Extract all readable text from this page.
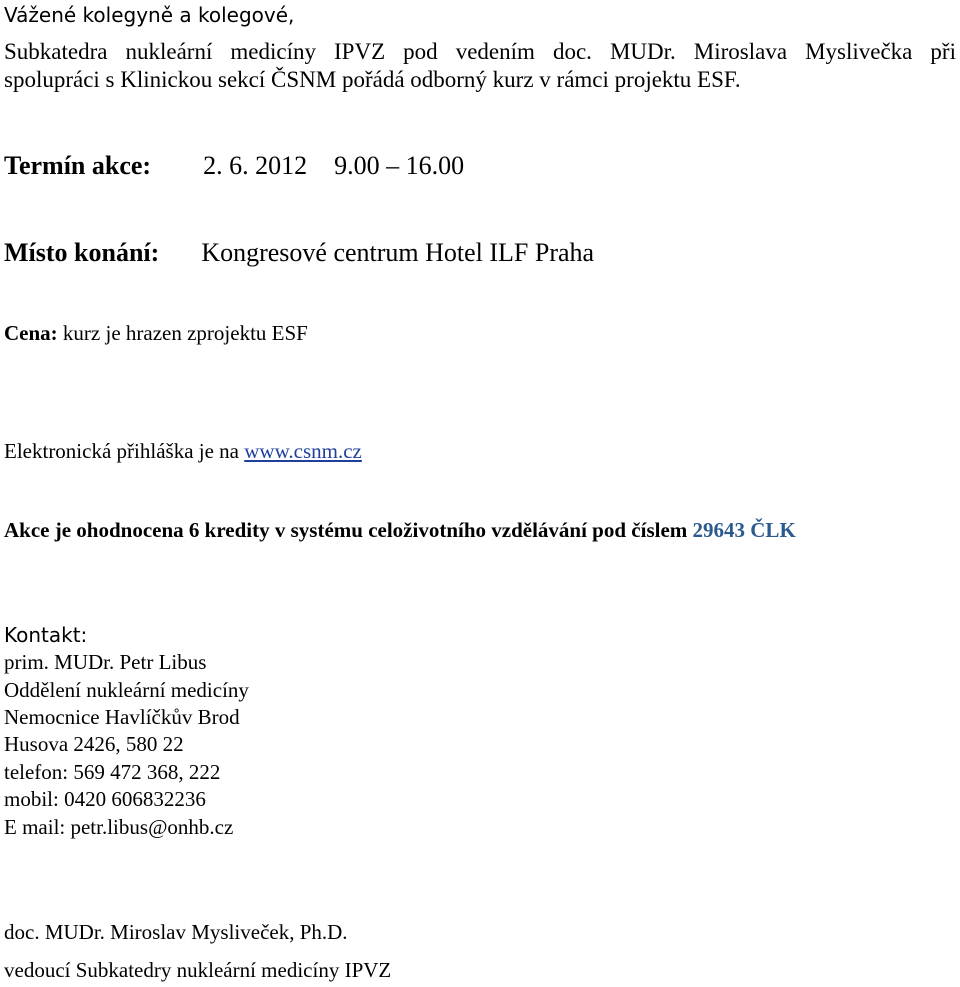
Vážené kolegyně a kolegové,
Subkatedra nukleární medicíny IPVZ pod vedením doc. MUDr. Miroslava Myslivečka při
spolupráci s Klinickou sekcí ČSNM pořádá odborný kurz v rámci projektu ESF.
Termín akce: 2. 6. 2012 9.00 – 16.00
Místo konání: Kongresové centrum Hotel ILF Praha
Cena: kurz je hrazen zprojektu ESF
Elektronická přihláška je na www.csnm.cz
Akce je ohodnocena 6 kredity v systému celoživotního vzdělávání pod číslem 29643 ČLK
Kontakt:
prim. MUDr. Petr Libus
Oddělení nukleární medicíny
Nemocnice Havlíčkův Brod
Husova 2426, 580 22
telefon: 569 472 368, 222
mobil: 0420 606832236
E mail: petr.libus@onhb.cz
doc. MUDr. Miroslav Mysliveček, Ph.D.
vedoucí Subkatedry nukleární medicíny IPVZ
